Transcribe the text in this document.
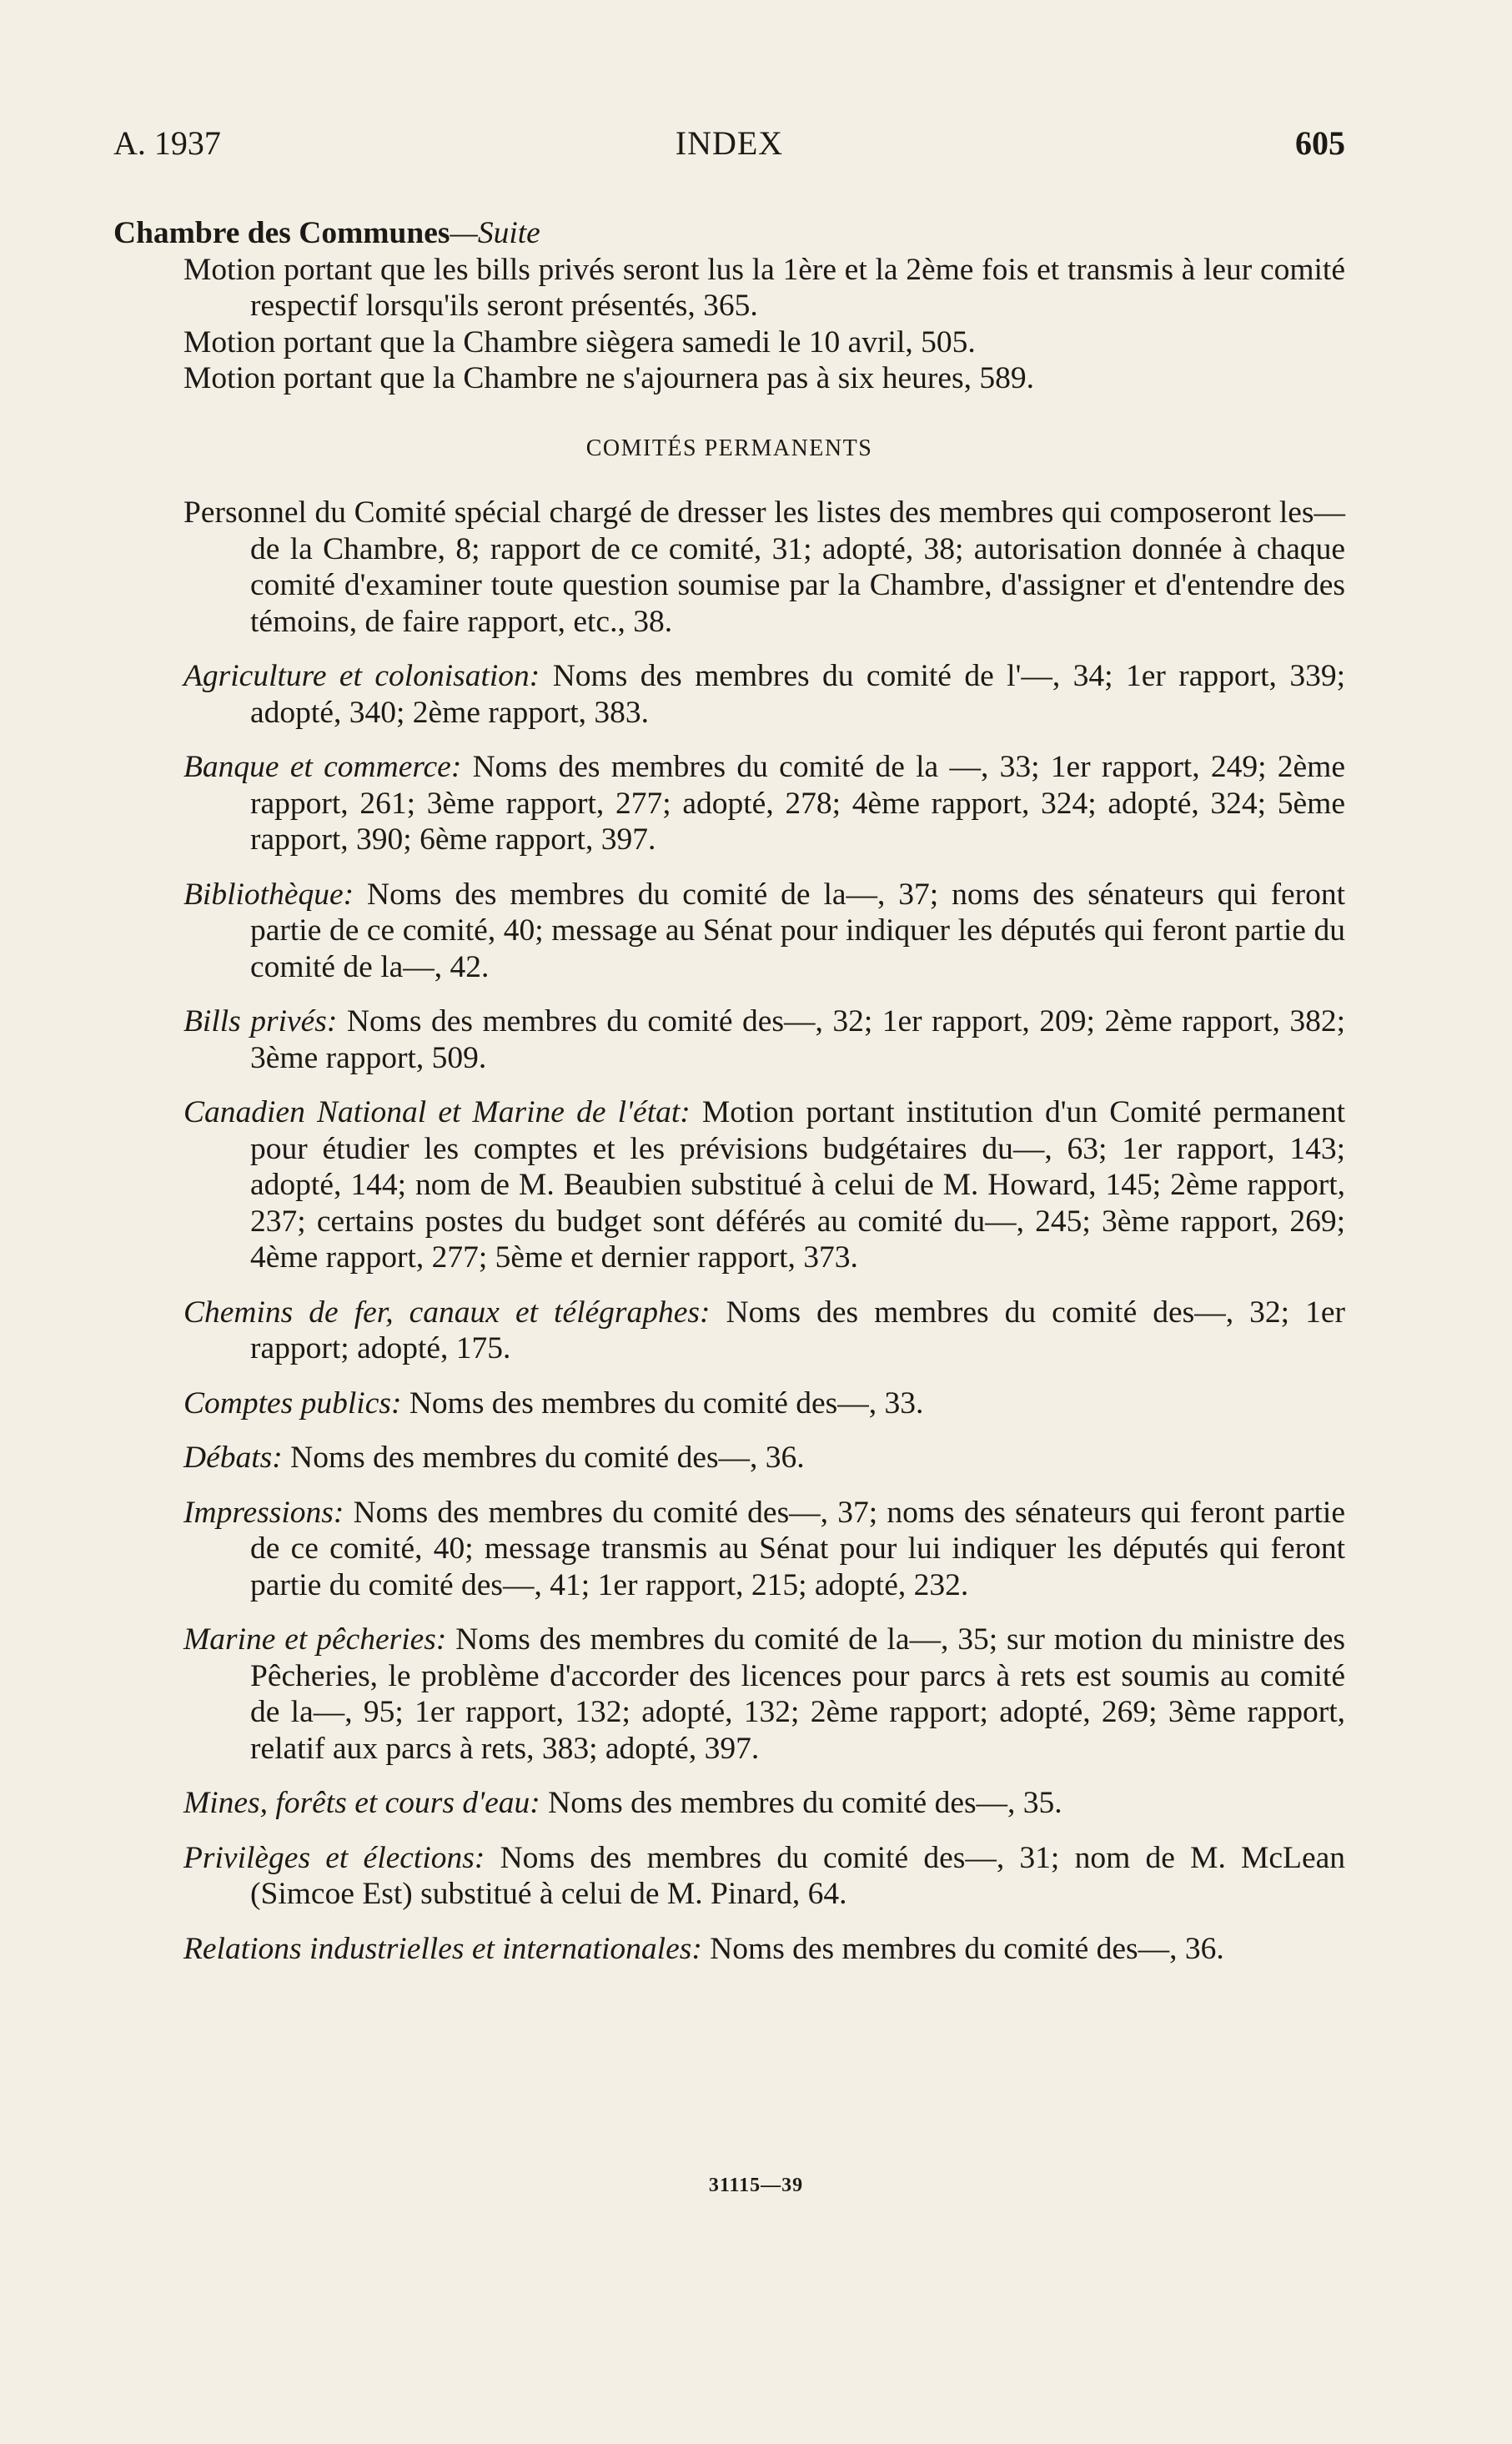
A. 1937	INDEX	605

Chambre des Communes—Suite

Motion portant que les bills privés seront lus la 1ère et la 2ème fois et transmis à leur comité respectif lorsqu'ils seront présentés, 365.

Motion portant que la Chambre siègera samedi le 10 avril, 505.

Motion portant que la Chambre ne s'ajournera pas à six heures, 589.

COMITÉS PERMANENTS

Personnel du Comité spécial chargé de dresser les listes des membres qui composeront les— de la Chambre, 8; rapport de ce comité, 31; adopté, 38; autorisation donnée à chaque comité d'examiner toute question soumise par la Chambre, d'assigner et d'entendre des témoins, de faire rapport, etc., 38.

Agriculture et colonisation: Noms des membres du comité de l'—, 34; 1er rapport, 339; adopté, 340; 2ème rapport, 383.

Banque et commerce: Noms des membres du comité de la —, 33; 1er rapport, 249; 2ème rapport, 261; 3ème rapport, 277; adopté, 278; 4ème rapport, 324; adopté, 324; 5ème rapport, 390; 6ème rapport, 397.

Bibliothèque: Noms des membres du comité de la—, 37; noms des sénateurs qui feront partie de ce comité, 40; message au Sénat pour indiquer les députés qui feront partie du comité de la—, 42.

Bills privés: Noms des membres du comité des—, 32; 1er rapport, 209; 2ème rapport, 382; 3ème rapport, 509.

Canadien National et Marine de l'état: Motion portant institution d'un Comité permanent pour étudier les comptes et les prévisions budgétaires du—, 63; 1er rapport, 143; adopté, 144; nom de M. Beaubien substitué à celui de M. Howard, 145; 2ème rapport, 237; certains postes du budget sont déférés au comité du—, 245; 3ème rapport, 269; 4ème rapport, 277; 5ème et dernier rapport, 373.

Chemins de fer, canaux et télégraphes: Noms des membres du comité des—, 32; 1er rapport; adopté, 175.

Comptes publics: Noms des membres du comité des—, 33.

Débats: Noms des membres du comité des—, 36.

Impressions: Noms des membres du comité des—, 37; noms des sénateurs qui feront partie de ce comité, 40; message transmis au Sénat pour lui indiquer les députés qui feront partie du comité des—, 41; 1er rapport, 215; adopté, 232.

Marine et pêcheries: Noms des membres du comité de la—, 35; sur motion du ministre des Pêcheries, le problème d'accorder des licences pour parcs à rets est soumis au comité de la—, 95; 1er rapport, 132; adopté, 132; 2ème rapport; adopté, 269; 3ème rapport, relatif aux parcs à rets, 383; adopté, 397.

Mines, forêts et cours d'eau: Noms des membres du comité des—, 35.

Privilèges et élections: Noms des membres du comité des—, 31; nom de M. McLean (Simcoe Est) substitué à celui de M. Pinard, 64.

Relations industrielles et internationales: Noms des membres du comité des—, 36.

31115—39
